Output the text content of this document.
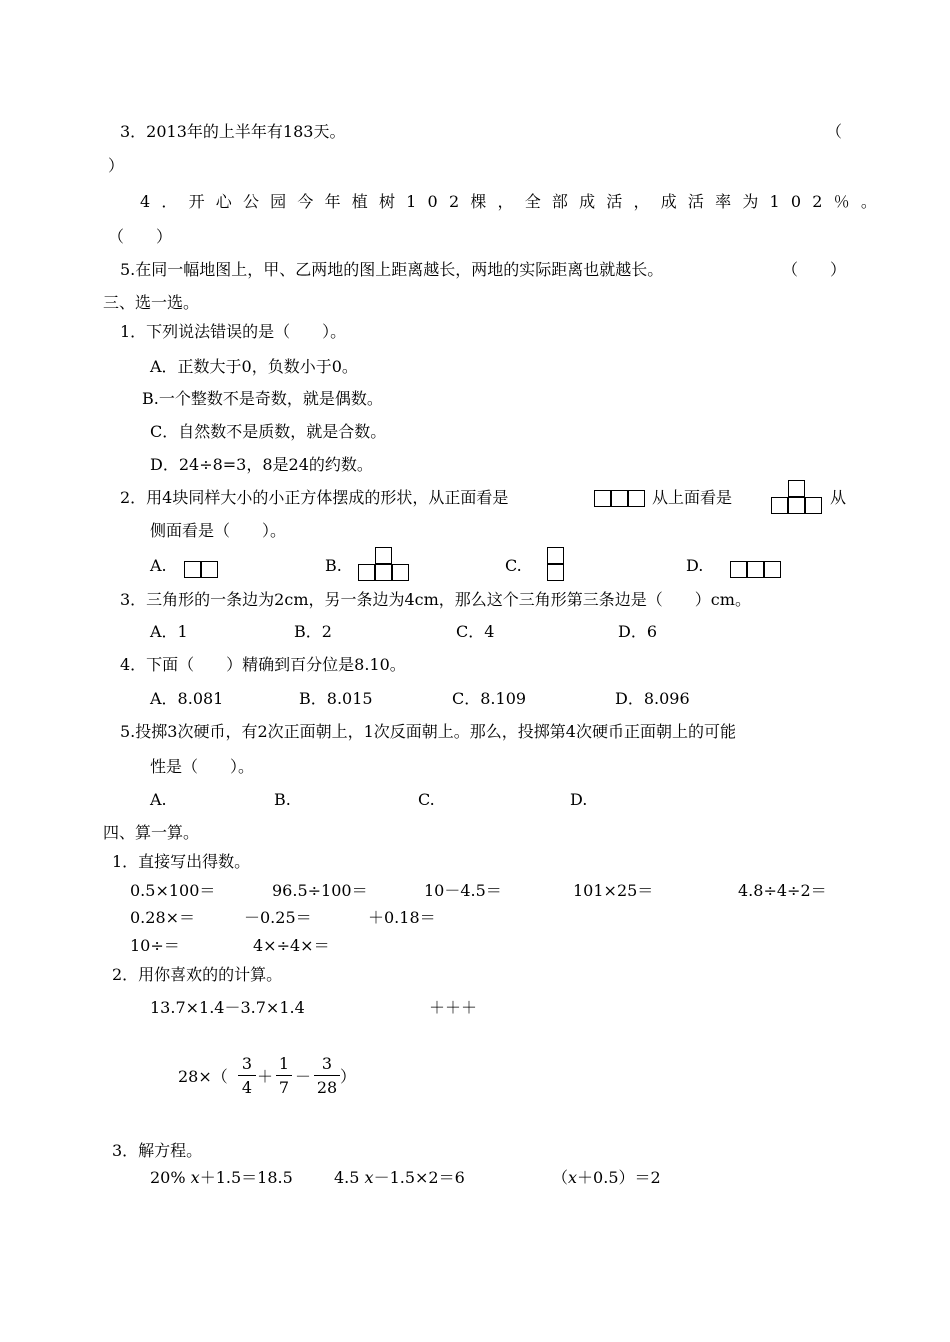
3．2013年的上半年有183天。	（
）
4．开心公园今年植树102棵，全部成活，成活率为102％。
（　　）
5.在同一幅地图上，甲、乙两地的图上距离越长，两地的实际距离也就越长。	（　　）
三、选一选。
1．下列说法错误的是（　　）。
A．正数大于0，负数小于0。
B.一个整数不是奇数，就是偶数。
C．自然数不是质数，就是合数。
D．24÷8=3，8是24的约数。
2．用4块同样大小的小正方体摆成的形状，从正面看是	从上面看是	从
侧面看是（　　）。
A.	B.	C.	D.
3．三角形的一条边为2cm，另一条边为4cm，那么这个三角形第三条边是（　　）cm。
A．1	B．2	C．4	D．6
4．下面（　　）精确到百分位是8.10。
A．8.081	B．8.015	C．8.109	D．8.096
5.投掷3次硬币，有2次正面朝上，1次反面朝上。那么，投掷第4次硬币正面朝上的可能
性是（　　）。
A.	B.	C.	D.
四、算一算。
1．直接写出得数。
0.5×100＝	96.5÷100＝	10－4.5＝	101×25＝	4.8÷4÷2＝
0.28×＝	－0.25＝	＋0.18＝
10÷＝	4×÷4×＝
2．用你喜欢的的计算。
13.7×1.4－3.7×1.4	＋＋＋
28×（
3
4
＋
1
7
－
3
28
）
3．解方程。
20% x＋1.5＝18.5	4.5 x－1.5×2＝6	（x＋0.5）＝2
